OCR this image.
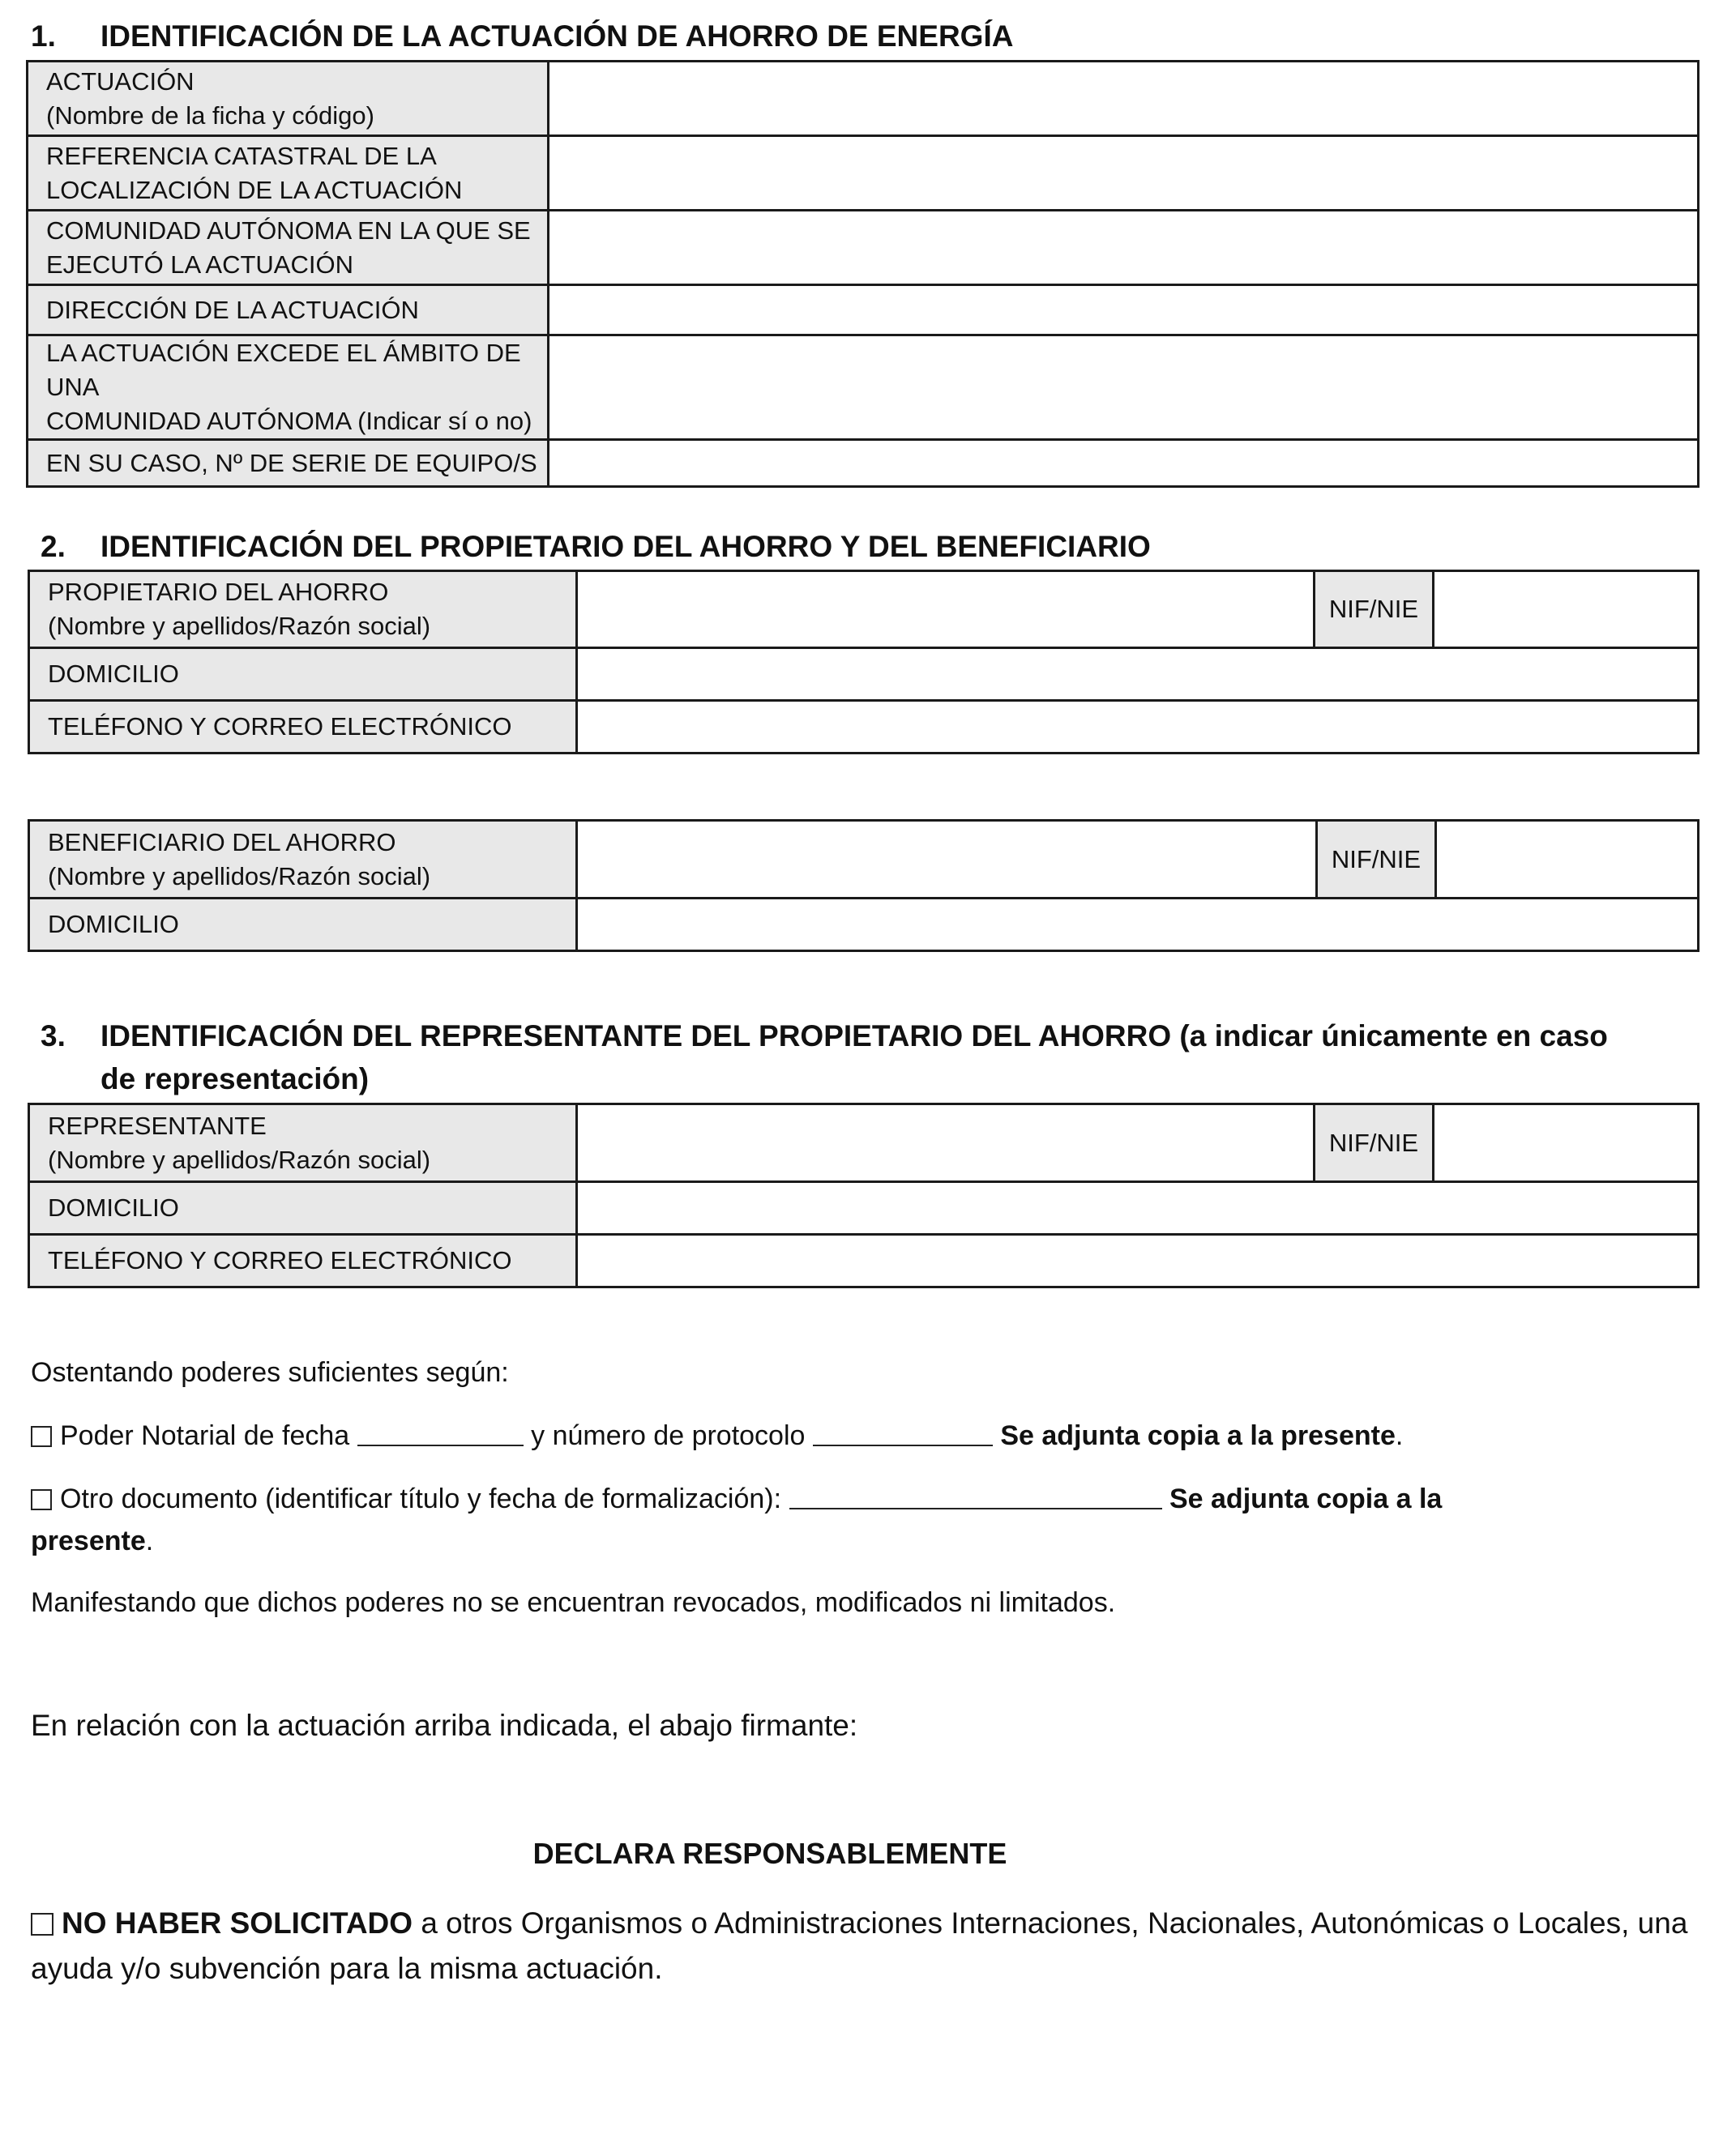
1.	IDENTIFICACIÓN DE LA ACTUACIÓN DE AHORRO DE ENERGÍA
ACTUACIÓN
(Nombre de la ficha y código)	

REFERENCIA CATASTRAL DE LA
LOCALIZACIÓN DE LA ACTUACIÓN	

COMUNIDAD AUTÓNOMA EN LA QUE SE
EJECUTÓ LA ACTUACIÓN	

DIRECCIÓN DE LA ACTUACIÓN	

LA ACTUACIÓN EXCEDE EL ÁMBITO DE UNA
COMUNIDAD AUTÓNOMA (Indicar sí o no)	

EN SU CASO, Nº DE SERIE DE EQUIPO/S	
2.	IDENTIFICACIÓN DEL PROPIETARIO DEL AHORRO Y DEL BENEFICIARIO
PROPIETARIO DEL AHORRO
(Nombre y apellidos/Razón social)		NIF/NIE	
DOMICILIO			
TELÉFONO Y CORREO ELECTRÓNICO			
BENEFICIARIO DEL AHORRO
(Nombre y apellidos/Razón social)		NIF/NIE	
DOMICILIO			
3.	IDENTIFICACIÓN DEL REPRESENTANTE DEL PROPIETARIO DEL AHORRO (a indicar únicamente en caso
de representación)
REPRESENTANTE
(Nombre y apellidos/Razón social)		NIF/NIE	
DOMICILIO			
TELÉFONO Y CORREO ELECTRÓNICO			
Ostentando poderes suficientes según:
Poder Notarial de fecha	y número de protocolo	Se adjunta copia a la presente.
Otro documento (identificar título y fecha de formalización):	Se adjunta copia a la
presente.
Manifestando que dichos poderes no se encuentran revocados, modificados ni limitados.
En relación con la actuación arriba indicada, el abajo firmante:
DECLARA RESPONSABLEMENTE
NO HABER SOLICITADO a otros Organismos o Administraciones Internaciones, Nacionales, Autonómicas o Locales, una
ayuda y/o subvención para la misma actuación.
